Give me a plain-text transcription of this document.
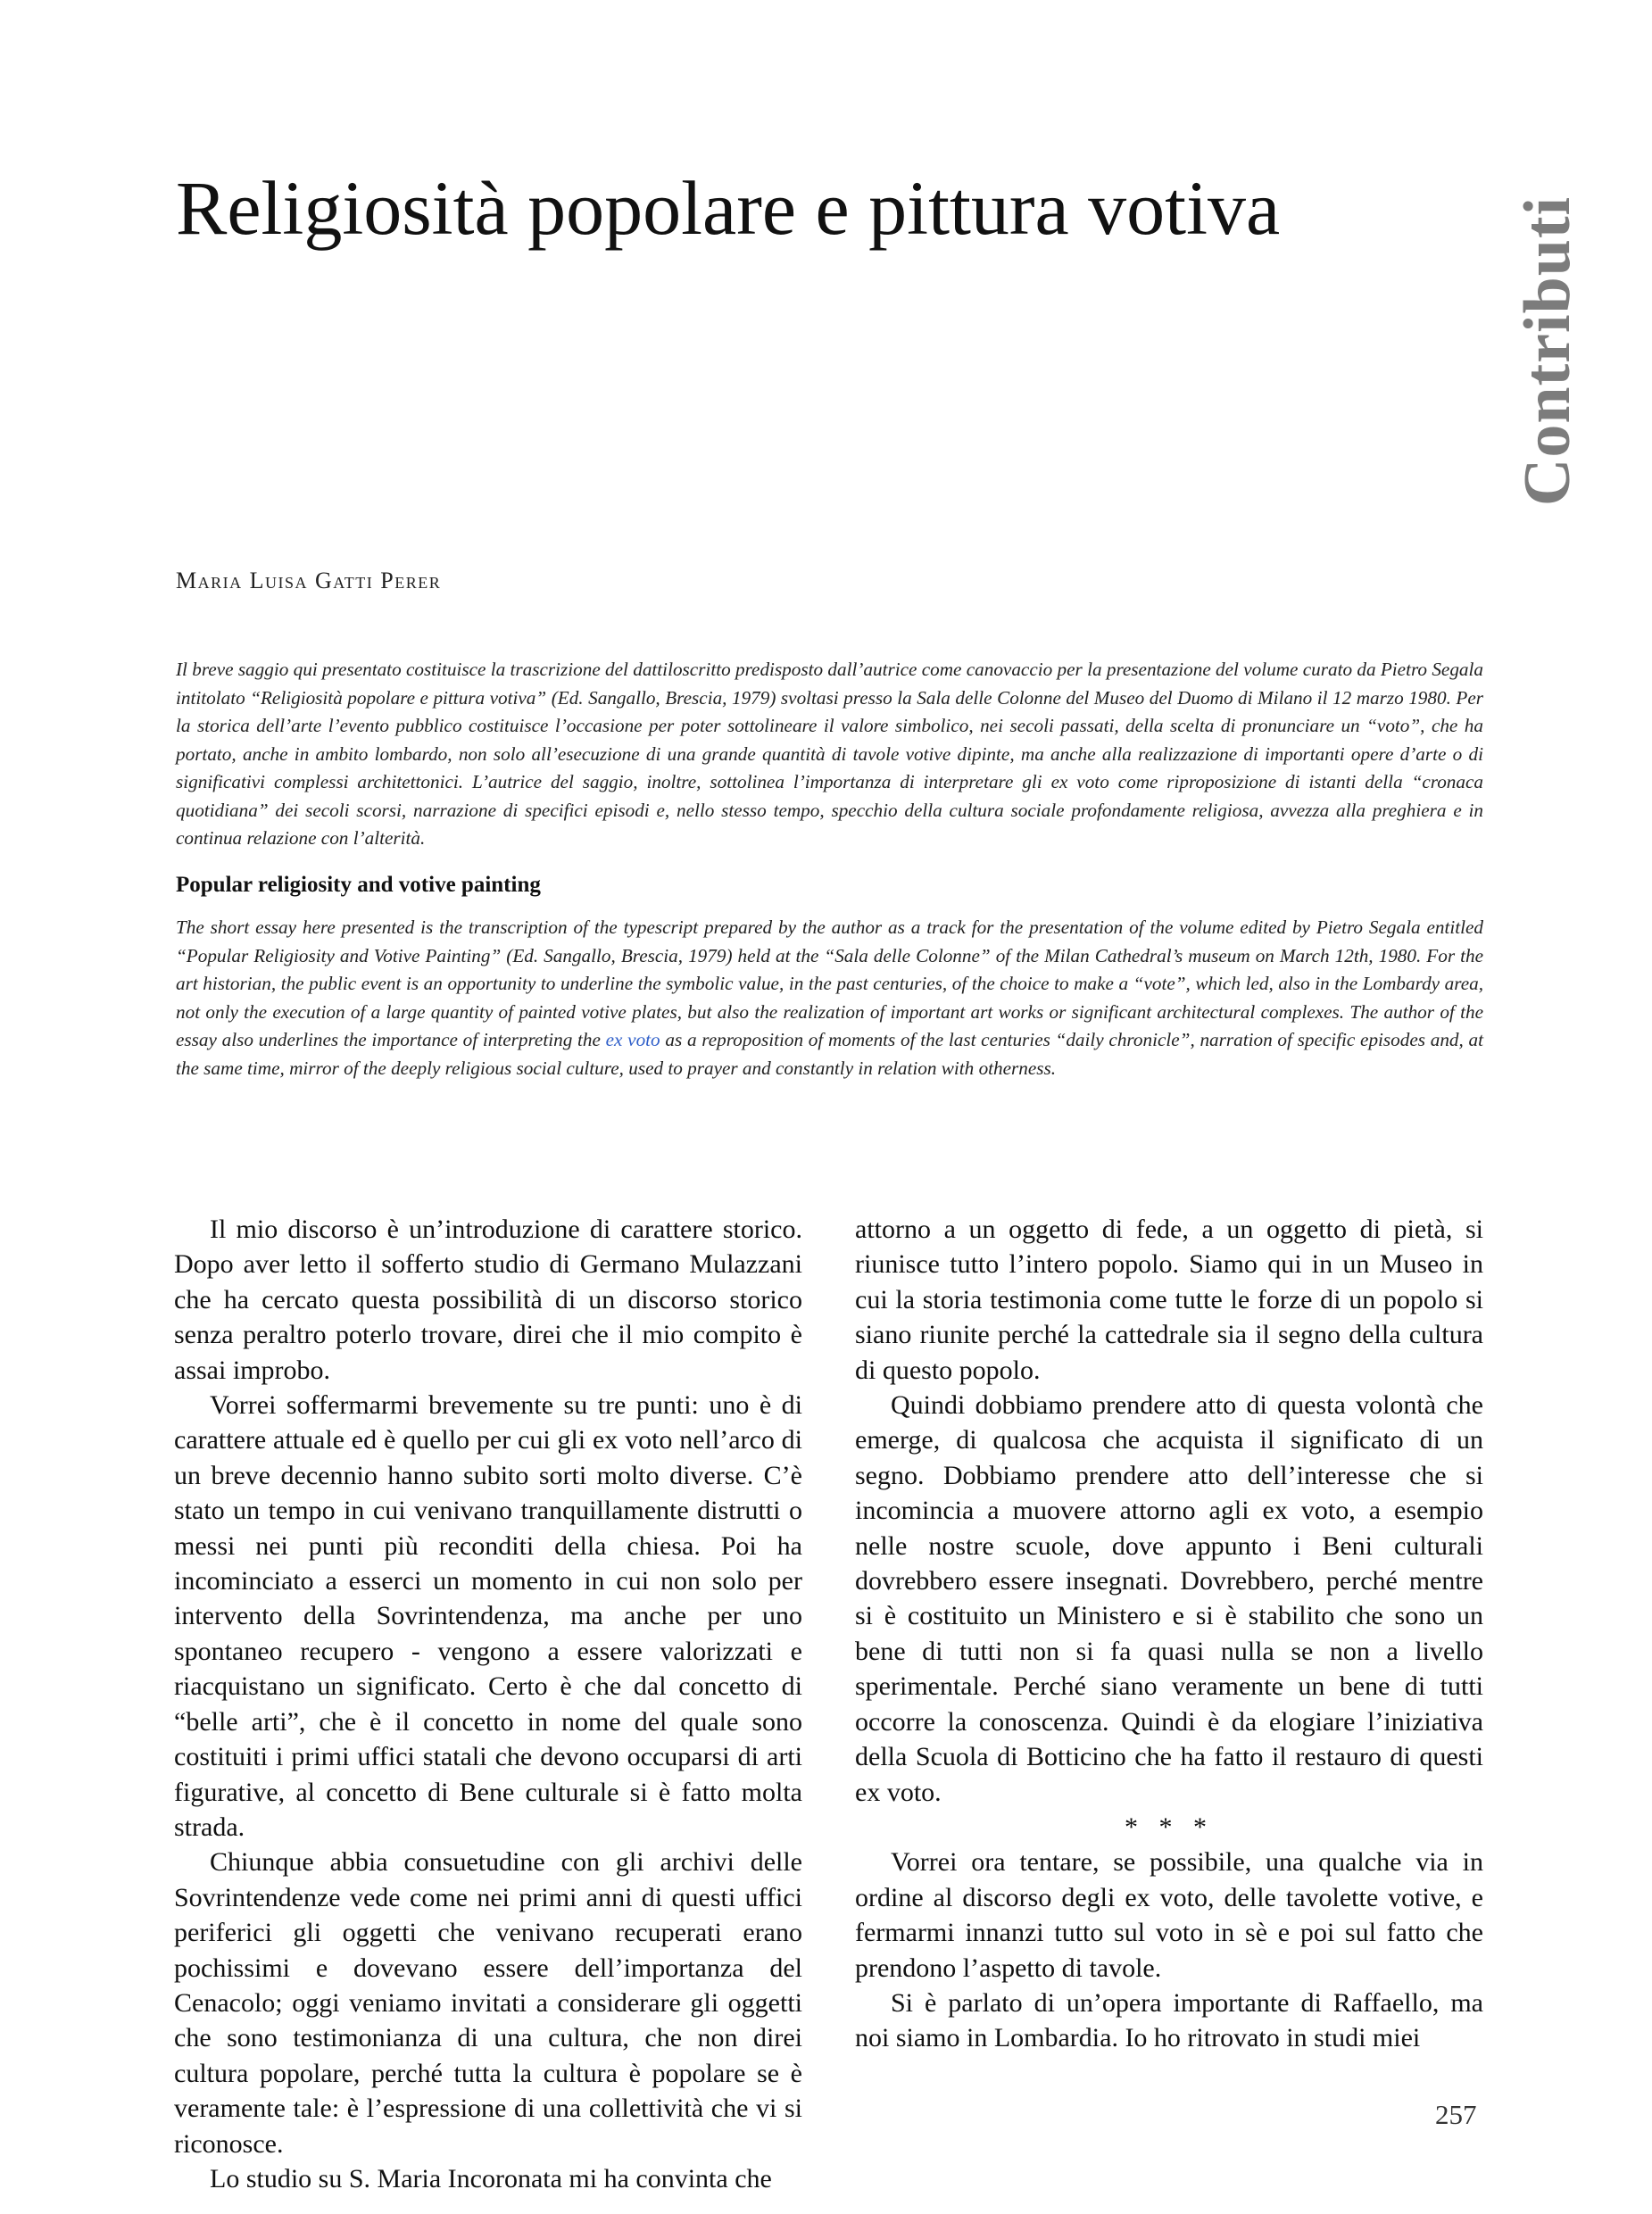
Religiosità popolare e pittura votiva	Contributi
Maria Luisa Gatti Perer

Il breve saggio qui presentato costituisce la trascrizione del dattiloscritto predisposto dall’autrice come canovaccio per la presentazione del volume curato da Pietro Segala intitolato “Religiosità popolare e pittura votiva” (Ed. Sangallo, Brescia, 1979) svoltasi presso la Sala delle Colonne del Museo del Duomo di Milano il 12 marzo 1980. Per la storica dell’arte l’evento pubblico costituisce l’occasione per poter sottolineare il valore simbolico, nei secoli passati, della scelta di pronunciare un “voto”, che ha portato, anche in ambito lombardo, non solo all’esecuzione di una grande quantità di tavole votive dipinte, ma anche alla realizzazione di importanti opere d’arte o di significativi complessi architettonici. L’autrice del saggio, inoltre, sottolinea l’importanza di interpretare gli ex voto come riproposizione di istanti della “cronaca quotidiana” dei secoli scorsi, narrazione di specifici episodi e, nello stesso tempo, specchio della cultura sociale profondamente religiosa, avvezza alla preghiera e in continua relazione con l’alterità.

Popular religiosity and votive painting

The short essay here presented is the transcription of the typescript prepared by the author as a track for the presentation of the volume edited by Pietro Segala entitled “Popular Religiosity and Votive Painting” (Ed. Sangallo, Brescia, 1979) held at the “Sala delle Colonne” of the Milan Cathedral’s museum on March 12th, 1980. For the art historian, the public event is an opportunity to underline the symbolic value, in the past centuries, of the choice to make a “vote”, which led, also in the Lombardy area, not only the execution of a large quantity of painted votive plates, but also the realization of important art works or significant architectural complexes. The author of the essay also underlines the importance of interpreting the ex voto as a reproposition of moments of the last centuries “daily chronicle”, narration of specific episodes and, at the same time, mirror of the deeply religious social culture, used to prayer and constantly in relation with otherness.

Il mio discorso è un’introduzione di carattere storico. Dopo aver letto il sofferto studio di Germano Mulazzani che ha cercato questa possibilità di un discorso storico senza peraltro poterlo trovare, direi che il mio compito è assai improbo.

Vorrei soffermarmi brevemente su tre punti: uno è di carattere attuale ed è quello per cui gli ex voto nell’arco di un breve decennio hanno subito sorti molto diverse. C’è stato un tempo in cui venivano tranquillamente distrutti o messi nei punti più reconditi della chiesa. Poi ha incominciato a esserci un momento in cui non solo per intervento della Sovrintendenza, ma anche per uno spontaneo recupero - vengono a essere valorizzati e riacquistano un significato. Certo è che dal concetto di “belle arti”, che è il concetto in nome del quale sono costituiti i primi uffici statali che devono occuparsi di arti figurative, al concetto di Bene culturale si è fatto molta strada.

Chiunque abbia consuetudine con gli archivi delle Sovrintendenze vede come nei primi anni di questi uffici periferici gli oggetti che venivano recuperati erano pochissimi e dovevano essere dell’importanza del Cenacolo; oggi veniamo invitati a considerare gli oggetti che sono testimonianza di una cultura, che non direi cultura popolare, perché tutta la cultura è popolare se è veramente tale: è l’espressione di una collettività che vi si riconosce.

Lo studio su S. Maria Incoronata mi ha convinta che

attorno a un oggetto di fede, a un oggetto di pietà, si riunisce tutto l’intero popolo. Siamo qui in un Museo in cui la storia testimonia come tutte le forze di un popolo si siano riunite perché la cattedrale sia il segno della cultura di questo popolo.

Quindi dobbiamo prendere atto di questa volontà che emerge, di qualcosa che acquista il significato di un segno. Dobbiamo prendere atto dell’interesse che si incomincia a muovere attorno agli ex voto, a esempio nelle nostre scuole, dove appunto i Beni culturali dovrebbero essere insegnati. Dovrebbero, perché mentre si è costituito un Ministero e si è stabilito che sono un bene di tutti non si fa quasi nulla se non a livello sperimentale. Perché siano veramente un bene di tutti occorre la conoscenza. Quindi è da elogiare l’iniziativa della Scuola di Botticino che ha fatto il restauro di questi ex voto.

* * *

Vorrei ora tentare, se possibile, una qualche via in ordine al discorso degli ex voto, delle tavolette votive, e fermarmi innanzi tutto sul voto in sè e poi sul fatto che prendono l’aspetto di tavole.

Si è parlato di un’opera importante di Raffaello, ma noi siamo in Lombardia. Io ho ritrovato in studi miei

257
